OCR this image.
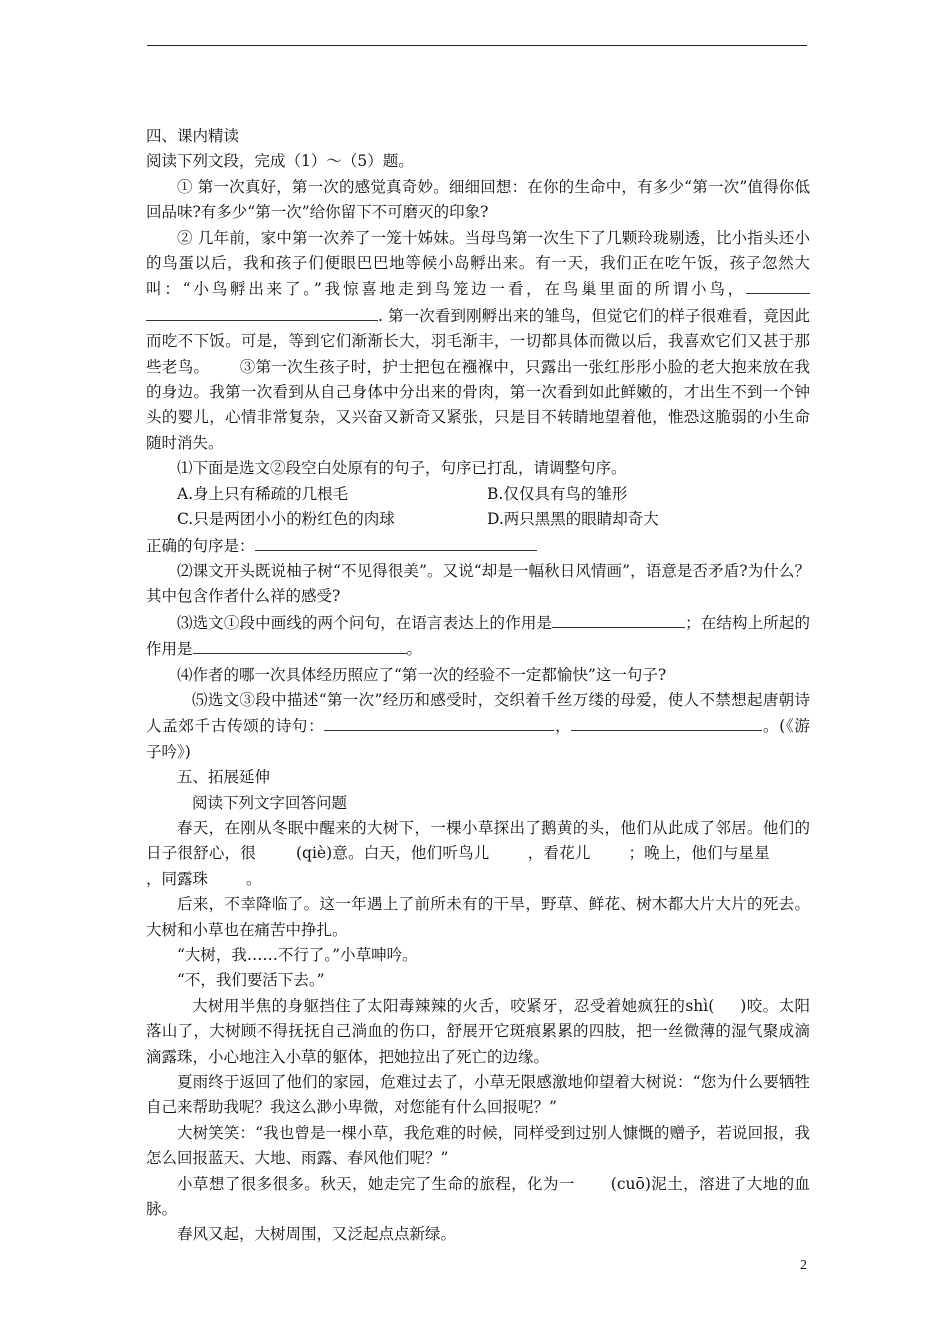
四、课内精读

阅读下列文段，完成（1）～（5）题。

① 第一次真好，第一次的感觉真奇妙。细细回想：在你的生命中，有多少“第一次”值得你低回品味?有多少“第一次”给你留下不可磨灭的印象?

② 几年前，家中第一次养了一笼十姊妹。当母鸟第一次生下了几颗玲珑剔透，比小指头还小的鸟蛋以后，我和孩子们便眼巴巴地等候小岛孵出来。有一天，我们正在吃午饭，孩子忽然大叫：“小鸟孵出来了。”我惊喜地走到鸟笼边一看，在鸟巢里面的所谓小鸟，. 第一次看到刚孵出来的雏鸟，但觉它们的样子很难看，竟因此而吃不下饭。可是，等到它们渐渐长大，羽毛渐丰，一切都具体而微以后，我喜欢它们又甚于那些老鸟。 ③第一次生孩子时，护士把包在襁褓中，只露出一张红彤彤小脸的老大抱来放在我的身边。我第一次看到从自己身体中分出来的骨肉，第一次看到如此鲜嫩的，才出生不到一个钟头的婴儿，心情非常复杂，又兴奋又新奇又紧张，只是目不转睛地望着他，惟恐这脆弱的小生命随时消失。

⑴下面是选文②段空白处原有的句子，句序已打乱，请调整句序。

A.身上只有稀疏的几根毛	B.仅仅具有鸟的雏形
C.只是两团小小的粉红色的肉球	D.两只黑黑的眼睛却奇大

正确的句序是：

⑵课文开头既说柚子树“不见得很美”。又说“却是一幅秋日风情画”，语意是否矛盾?为什么？其中包含作者什么祥的感受?

⑶选文①段中画线的两个问句，在语言表达上的作用是	；在结构上所起的作用是	。

⑷作者的哪一次具体经历照应了“第一次的经验不一定都愉快”这一句子?

⑸选文③段中描述“第一次”经历和感受时，交织着千丝万缕的母爱，使人不禁想起唐朝诗人孟郊千古传颂的诗句：	，	。(《游子吟》)

五、拓展延伸

阅读下列文字回答问题

春天，在刚从冬眠中醒来的大树下，一棵小草探出了鹅黄的头，他们从此成了邻居。他们的日子很舒心，很	(qiè)意。白天，他们听鸟儿 ，看花儿 ；晚上，他们与星星，同露珠 。

后来，不幸降临了。这一年遇上了前所未有的干旱，野草、鲜花、树木都大片大片的死去。大树和小草也在痛苦中挣扎。

“大树，我……不行了。”小草呻吟。

“不，我们要活下去。”

大树用半焦的身躯挡住了太阳毒辣辣的火舌，咬紧牙，忍受着她疯狂的shì( )咬。太阳落山了，大树顾不得抚抚自己淌血的伤口，舒展开它斑痕累累的四肢，把一丝微薄的湿气聚成滴滴露珠，小心地注入小草的躯体，把她拉出了死亡的边缘。

夏雨终于返回了他们的家园，危难过去了，小草无限感激地仰望着大树说：“您为什么要牺牲自己来帮助我呢？我这么渺小卑微，对您能有什么回报呢？”

大树笑笑：“我也曾是一棵小草，我危难的时候，同样受到过别人慷慨的赠予，若说回报，我怎么回报蓝天、大地、雨露、春风他们呢？”

小草想了很多很多。秋天，她走完了生命的旅程，化为一 (cuō)泥土，溶进了大地的血脉。

春风又起，大树周围，又泛起点点新绿。

2
